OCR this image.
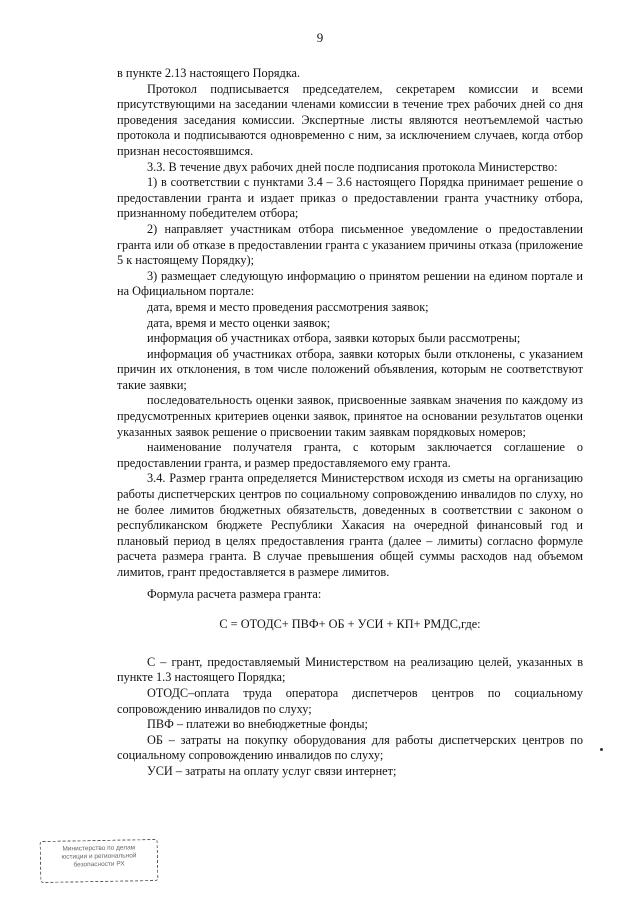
9

в пункте 2.13 настоящего Порядка.

Протокол подписывается председателем, секретарем комиссии и всеми присутствующими на заседании членами комиссии в течение трех рабочих дней со дня проведения заседания комиссии. Экспертные листы являются неотъемлемой частью протокола и подписываются одновременно с ним, за исключением случаев, когда отбор признан несостоявшимся.

3.3. В течение двух рабочих дней после подписания протокола Министерство:

1) в соответствии с пунктами 3.4 – 3.6 настоящего Порядка принимает решение о предоставлении гранта и издает приказ о предоставлении гранта участнику отбора, признанному победителем отбора;

2) направляет участникам отбора письменное уведомление о предоставлении гранта или об отказе в предоставлении гранта с указанием причины отказа (приложение 5 к настоящему Порядку);

3) размещает следующую информацию о принятом решении на едином портале и на Официальном портале:

дата, время и место проведения рассмотрения заявок;

дата, время и место оценки заявок;

информация об участниках отбора, заявки которых были рассмотрены;

информация об участниках отбора, заявки которых были отклонены, с указанием причин их отклонения, в том числе положений объявления, которым не соответствуют такие заявки;

последовательность оценки заявок, присвоенные заявкам значения по каждому из предусмотренных критериев оценки заявок, принятое на основании результатов оценки указанных заявок решение о присвоении таким заявкам порядковых номеров;

наименование получателя гранта, с которым заключается соглашение о предоставлении гранта, и размер предоставляемого ему гранта.

3.4. Размер гранта определяется Министерством исходя из сметы на организацию работы диспетчерских центров по социальному сопровождению инвалидов по слуху, но не более лимитов бюджетных обязательств, доведенных в соответствии с законом о республиканском бюджете Республики Хакасия на очередной финансовый год и плановый период в целях предоставления гранта (далее – лимиты) согласно формуле расчета размера гранта. В случае превышения общей суммы расходов над объемом лимитов, грант предоставляется в размере лимитов.

Формула расчета размера гранта:

С = ОТОДС+ ПВФ+ ОБ + УСИ + КП+ РМДС,где:

С – грант, предоставляемый Министерством на реализацию целей, указанных в пункте 1.3 настоящего Порядка;

ОТОДС–оплата труда оператора диспетчеров центров по социальному сопровождению инвалидов по слуху;

ПВФ – платежи во внебюджетные фонды;

ОБ – затраты на покупку оборудования для работы диспетчерских центров по социальному сопровождению инвалидов по слуху;

УСИ – затраты на оплату услуг связи интернет;

Министерство по делам
юстиции и региональной
безопасности РХ
